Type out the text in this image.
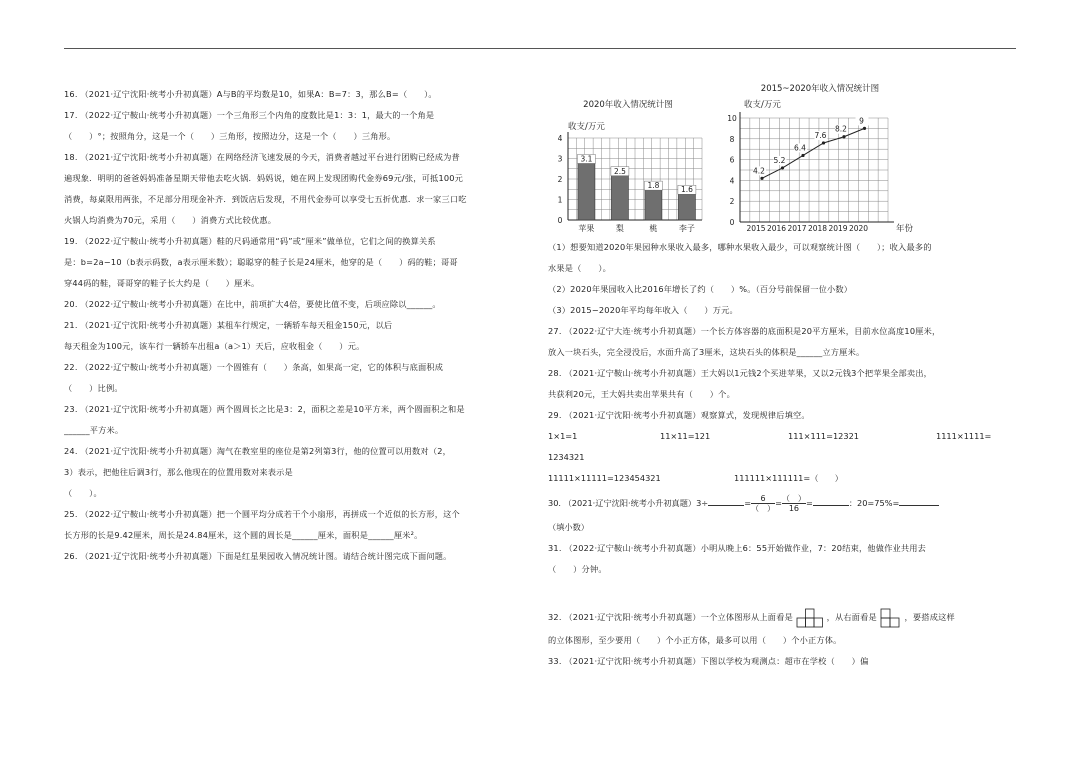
16. （2021·辽宁沈阳·统考小升初真题）A与B的平均数是10，如果A：B=7：3，那么B=（　　）。
17. （2022·辽宁鞍山·统考小升初真题）一个三角形三个内角的度数比是1：3：1，最大的一个角是
（　　）°；按照角分，这是一个（　　）三角形，按照边分，这是一个（　　）三角形。
18. （2021·辽宁沈阳·统考小升初真题）在网络经济飞速发展的今天，消费者越过平台进行团购已经成为普
遍现象．明明的爸爸妈妈准备星期天带他去吃火锅．妈妈说，她在网上发现团购代金券69元/张，可抵100元
消费，每桌限用两张，不足部分用现金补齐．到饭店后发现，不用代金券可以享受七五折优惠．求一家三口吃
火锅人均消费为70元，采用（　　）消费方式比较优惠。
19. （2022·辽宁鞍山·统考小升初真题）鞋的尺码通常用“码”或“厘米”做单位，它们之间的换算关系
是：b=2a−10（b表示码数，a表示厘米数）；聪聪穿的鞋子长是24厘米，他穿的是（　　）码的鞋；哥哥
穿44码的鞋，哥哥穿的鞋子长大约是（　　）厘米。
20. （2022·辽宁鞍山·统考小升初真题）在比中，前项扩大4倍，要使比值不变，后项应除以______。
21. （2021·辽宁沈阳·统考小升初真题）某租车行规定，一辆轿车每天租金150元，以后
每天租金为100元，该车行一辆轿车出租a（a＞1）天后，应收租金（　　）元。
22. （2022·辽宁鞍山·统考小升初真题）一个圆锥有（　　）条高，如果高一定，它的体积与底面积成
（　　）比例。
23. （2021·辽宁沈阳·统考小升初真题）两个圆周长之比是3：2，面积之差是10平方米，两个圆面积之和是
______平方米。
24. （2021·辽宁沈阳·统考小升初真题）淘气在教室里的座位是第2列第3行，他的位置可以用数对（2，
3）表示，把他往后调3行，那么他现在的位置用数对来表示是
（　　）。
25. （2022·辽宁鞍山·统考小升初真题）把一个圆平均分成若干个小扇形，再拼成一个近似的长方形，这个
长方形的长是9.42厘米，周长是24.84厘米，这个圆的周长是______厘米，面积是______厘米²。
26. （2021·辽宁沈阳·统考小升初真题）下面是红星果园收入情况统计图。请结合统计图完成下面问题。
（1）想要知道2020年果园种水果收入最多，哪种水果收入最少，可以观察统计图（　　）；收入最多的
水果是（　　）。
（2）2020年果园收入比2016年增长了约（　　）%。（百分号前保留一位小数）
（3）2015−2020年平均每年收入（　　）万元。
27. （2022·辽宁大连·统考小升初真题）一个长方体容器的底面积是20平方厘米，目前水位高度10厘米，
放入一块石头，完全浸没后，水面升高了3厘米，这块石头的体积是______立方厘米。
28. （2021·辽宁鞍山·统考小升初真题）王大妈以1元钱2个买进苹果，又以2元钱3个把苹果全部卖出，
共获利20元，王大妈共卖出苹果共有（　　）个。
29. （2021·辽宁沈阳·统考小升初真题）观察算式，发现规律后填空。
1×1=1	11×11=121	111×111=12321	1111×1111=
1234321
11111×11111=123454321	111111×111111=（　　）
30. （2021·辽宁沈阳·统考小升初真题）3÷	= $\frac{6}{( )} = \frac{( )}{16}$ =	：20=75%=
（填小数）
31. （2022·辽宁鞍山·统考小升初真题）小明从晚上6：55开始做作业，7：20结束，他做作业共用去
（　　）分钟。
32. （2021·辽宁沈阳·统考小升初真题）一个立体图形从上面看是	，从右面看是	，要搭成这样
的立体图形，至少要用（　　）个小正方体，最多可以用（　　）个小正方体。
33. （2021·辽宁沈阳·统考小升初真题）下图以学校为观测点：超市在学校（　　）偏
2020年收入情况统计图
收支/万元
0
1
2
3
4
3.1
苹果
2.5
梨
1.8
桃
1.6
李子
2015~2020年收入情况统计图
收支/万元
年份
0
2
4
6
8
10
4.2
2015
5.2
2016
6.4
2017
7.6
2018
8.2
2019
9
2020
